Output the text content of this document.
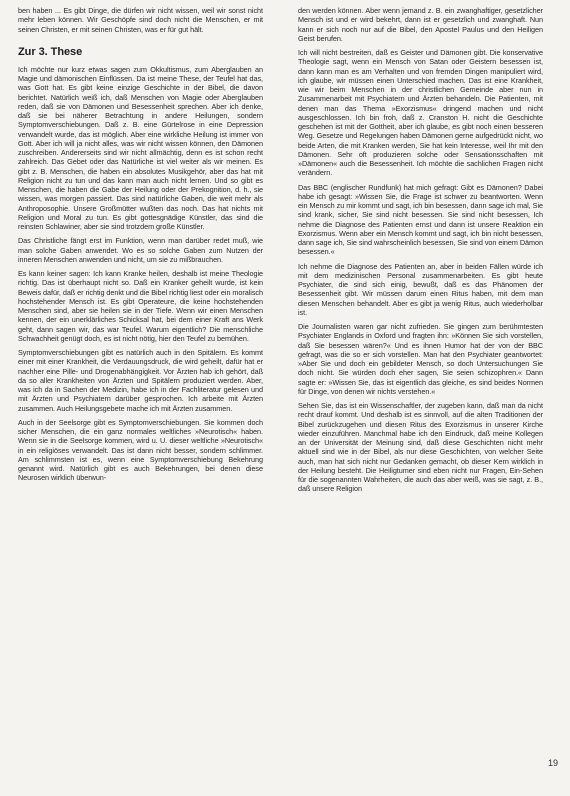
ben haben ... Es gibt Dinge, die dürfen wir nicht wissen, weil wir sonst nicht mehr leben können. Wir Geschöpfe sind doch nicht die Menschen, er mit seinen Christen, er mit seinen Christen, was er für gut hält.

Zur 3. These

Ich möchte nur kurz etwas sagen zum Okkultismus, zum Aberglauben an Magie und dämonischen Einflüssen. Da ist meine These, der Teufel hat das, was Gott hat. Es gibt keine einzige Geschichte in der Bibel, die davon berichtet. Natürlich weiß ich, daß Menschen von Magie oder Aberglauben reden, daß sie von Dämonen und Besessenheit sprechen. Aber ich denke, daß sie bei näherer Betrachtung in andere Heilungen, sondern Symptomverschiebungen. Daß z. B. eine Gürtelrose in eine Depression verwandelt wurde, das ist möglich. Aber eine wirkliche Heilung ist immer von Gott. Aber ich will ja nicht alles, was wir nicht wissen können, den Dämonen zuschreiben. Andererseits sind wir nicht allmächtig, denn es ist schon recht zahlreich. Das Gebet oder das Natürliche ist viel weiter als wir meinen. Es gibt z. B. Menschen, die haben ein absolutes Musikgehör, aber das hat mit Religion nicht zu tun und das kann man auch nicht lernen. Und so gibt es Menschen, die haben die Gabe der Heilung oder der Prekognition, d. h., sie wissen, was morgen passiert. Das sind natürliche Gaben, die weit mehr als Anthroposophie. Unsere Großmütter wußten das noch. Das hat nichts mit Religion und Moral zu tun. Es gibt gottesgnädige Künstler, das sind die reinsten Schlawiner, aber sie sind trotzdem große Künstler.

Das Christliche fängt erst im Funktion, wenn man darüber redet muß, wie man solche Gaben anwendet. Wo es so solche Gaben zum Nutzen der inneren Menschen anwenden und nicht, um sie zu mißbrauchen.

Es kann keiner sagen: Ich kann Kranke heilen, deshalb ist meine Theologie richtig. Das ist überhaupt nicht so. Daß ein Kranker geheilt wurde, ist kein Beweis dafür, daß er richtig denkt und die Bibel richtig liest oder ein moralisch hochstehender Mensch ist. Es gibt Operateure, die keine hochstehenden Menschen sind, aber sie heilen sie in der Tiefe. Wenn wir einen Menschen kennen, der ein unerklärliches Schicksal hat, bei dem einer Kraft ans Werk geht, dann sagen wir, das war Teufel. Warum eigentlich? Die menschliche Schwachheit genügt doch, es ist nicht nötig, hier den Teufel zu bemühen.

Symptomverschiebungen gibt es natürlich auch in den Spitälern. Es kommt einer mit einer Krankheit, die Verdauungsdruck, die wird geheilt, dafür hat er nachher eine Pille- und Drogenabhängigkeit. Vor Ärzten hab ich gehört, daß da so aller Krankheiten von Ärzten und Spitälern produziert werden. Aber, was ich da in Sachen der Medizin, habe ich in der Fachliteratur gelesen und mit Ärzten und Psychiatern darüber gesprochen. Ich arbeite mit Ärzten zusammen. Auch Heilungsgebete mache ich mit Ärzten zusammen.

Auch in der Seelsorge gibt es Symptomverschiebungen. Sie kommen doch sicher Menschen, die ein ganz normales weltliches »Neurotisch« haben. Wenn sie in die Seelsorge kommen, wird u. U. dieser weltliche »Neurotisch« in ein religiöses verwandelt. Das ist dann nicht besser, sondern schlimmer. Am schlimmsten ist es, wenn eine Symptomverschiebung Bekehrung genannt wird. Natürlich gibt es auch Bekehrungen, bei denen diese Neurosen wirklich überwun-

den werden können. Aber wenn jemand z. B. ein zwanghaftiger, gesetzlicher Mensch ist und er wird bekehrt, dann ist er gesetzlich und zwanghaft. Nun kann er sich noch nur auf die Bibel, den Apostel Paulus und den Heiligen Geist berufen.

Ich will nicht bestreiten, daß es Geister und Dämonen gibt. Die konservative Theologie sagt, wenn ein Mensch von Satan oder Geistern besessen ist, dann kann man es am Verhalten und von fremden Dingen manipuliert wird, ich glaube, wir müssen einen Unterschied machen. Das ist eine Krankheit, wie wir beim Menschen in der christlichen Gemeinde aber nun in Zusammenarbeit mit Psychiatern und Ärzten behandeln. Die Patienten, mit denen man das Thema »Exorzismus« dringend machen und nicht ausgeschlossen. Ich bin froh, daß z. Cranston H. nicht die Geschichte geschehen ist mit der Gottheit, aber ich glaube, es gibt noch einen besseren Weg. Gesetze und Regelungen haben Dämonen gerne aufgedrückt nicht, wo beide Arten, die mit Kranken werden, Sie hat kein Interesse, weil Ihr mit den Dämonen. Sehr oft produzieren solche oder Sensationsschaften mit »Dämonen« auch die Besessenheit. Ich möchte die sachlichen Fragen nicht verändern.

Das BBC (englischer Rundfunk) hat mich gefragt: Gibt es Dämonen? Dabei habe ich gesagt: »Wissen Sie, die Frage ist schwer zu beantworten. Wenn ein Mensch zu mir kommt und sagt, ich bin besessen, dann sage ich mal, Sie sind krank, sicher, Sie sind nicht besessen. Sie sind nicht besessen, Ich nehme die Diagnose des Patienten ernst und dann ist unsere Reaktion ein Exorzismus. Wenn aber ein Mensch kommt und sagt, ich bin nicht besessen, dann sage ich, Sie sind wahrscheinlich besessen, Sie sind von einem Dämon besessen.«

Ich nehme die Diagnose des Patienten an, aber in beiden Fällen würde ich mit dem medizinischen Personal zusammenarbeiten. Es gibt heute Psychiater, die sind sich einig, bewußt, daß es das Phänomen der Besessenheit gibt. Wir müssen darum einen Ritus haben, mit dem man diesen Menschen behandelt. Aber es gibt ja wenig Ritus, auch wiederholbar ist.

Die Journalisten waren gar nicht zufrieden. Sie gingen zum berühmtesten Psychiater Englands in Oxford und fragten ihn: »Können Sie sich vorstellen, daß Sie besessen wären?« Und es ihnen Humor hat der von der BBC gefragt, was die so er sich vorstellen. Man hat den Psychiater geantwortet: »Aber Sie und doch ein gebildeter Mensch, so doch Untersuchungen Sie doch nicht. Sie würden doch eher sagen, Sie seien schizophren.« Dann sagte er: »Wissen Sie, das ist eigentlich das gleiche, es sind beides Normen für Dinge, von denen wir nichts verstehen.«

Sehen Sie, das ist ein Wissenschaftler, der zugeben kann, daß man da nicht recht drauf kommt. Und deshalb ist es sinnvoll, auf die alten Traditionen der Bibel zurückzugehen und diesen Ritus des Exorzismus in unserer Kirche wieder einzuführen. Manchmal habe ich den Eindruck, daß meine Kollegen an der Universität der Meinung sind, daß diese Geschichten nicht mehr aktuell sind wie in der Bibel, als nur diese Geschichten, von welcher Seite auch, man hat sich nicht nur Gedanken gemacht, ob dieser Kern wirklich in der Heilung besteht. Die Heiligtumer sind eben nicht nur Fragen, Ein-Sehen für die sogenannten Wahrheiten, die auch das aber weiß, was sie sagt, z. B., daß unsere Religion

19
